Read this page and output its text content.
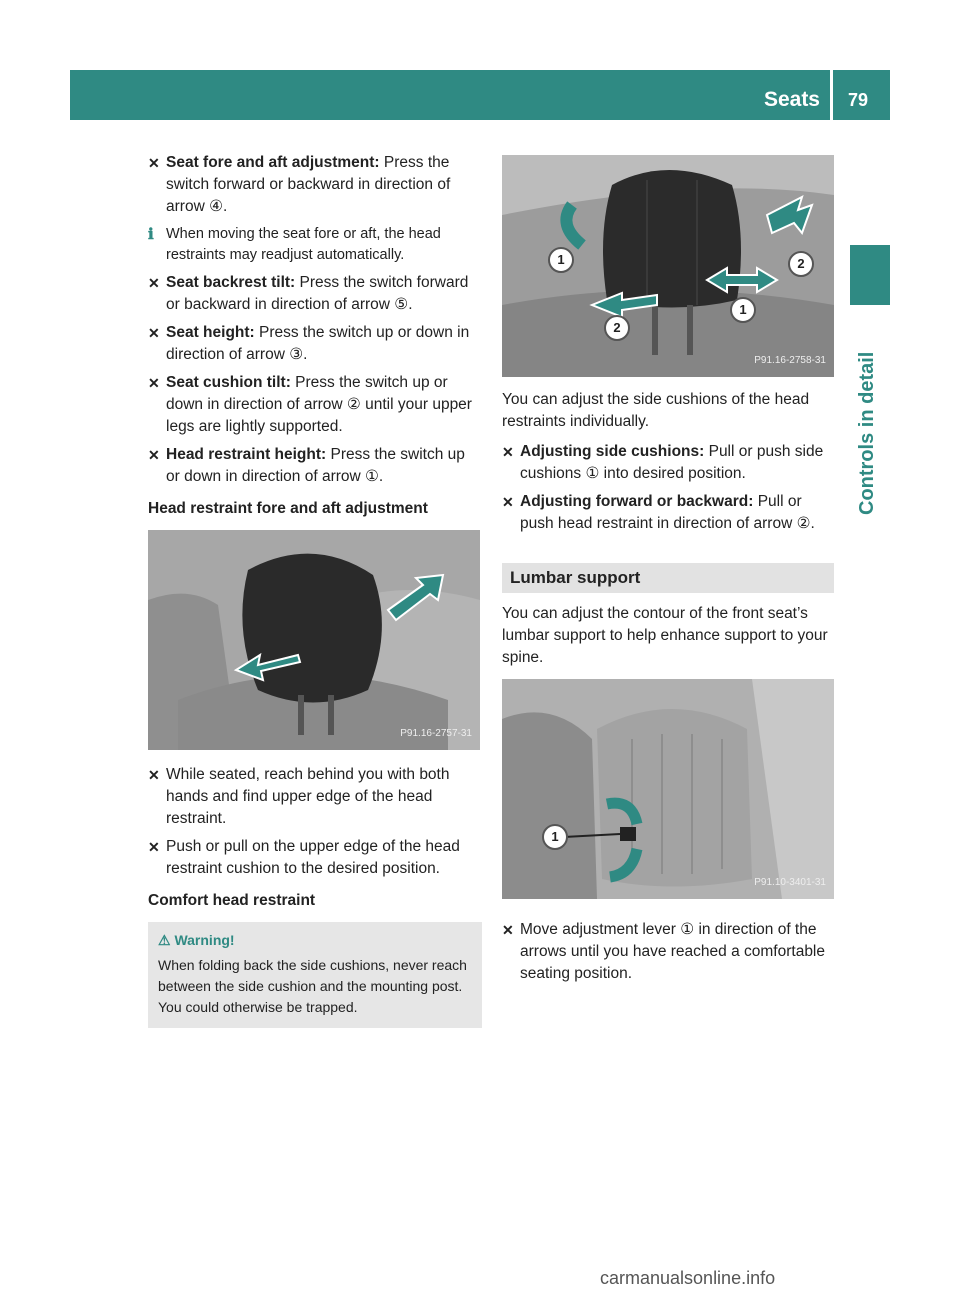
Seats 79
Controls in detail
✕ Seat fore and aft adjustment: Press the switch forward or backward in direction of arrow ④.
ℹ When moving the seat fore or aft, the head restraints may readjust automatically.
✕ Seat backrest tilt: Press the switch forward or backward in direction of arrow ⑤.
✕ Seat height: Press the switch up or down in direction of arrow ③.
✕ Seat cushion tilt: Press the switch up or down in direction of arrow ② until your upper legs are lightly supported.
✕ Head restraint height: Press the switch up or down in direction of arrow ①.
Head restraint fore and aft adjustment
P91.16-2757-31
✕ While seated, reach behind you with both hands and find upper edge of the head restraint.
✕ Push or pull on the upper edge of the head restraint cushion to the desired position.
Comfort head restraint
⚠ Warning!
When folding back the side cushions, never reach between the side cushion and the mounting post. You could otherwise be trapped.
1	2
2
1
P91.16-2758-31
You can adjust the side cushions of the head restraints individually.
✕ Adjusting side cushions: Pull or push side cushions ① into desired position.
✕ Adjusting forward or backward: Pull or push head restraint in direction of arrow ②.
Lumbar support
You can adjust the contour of the front seat’s lumbar support to help enhance support to your spine.
1
P91.10-3401-31
✕ Move adjustment lever ① in direction of the arrows until you have reached a comfortable seating position.
carmanualsonline.info
